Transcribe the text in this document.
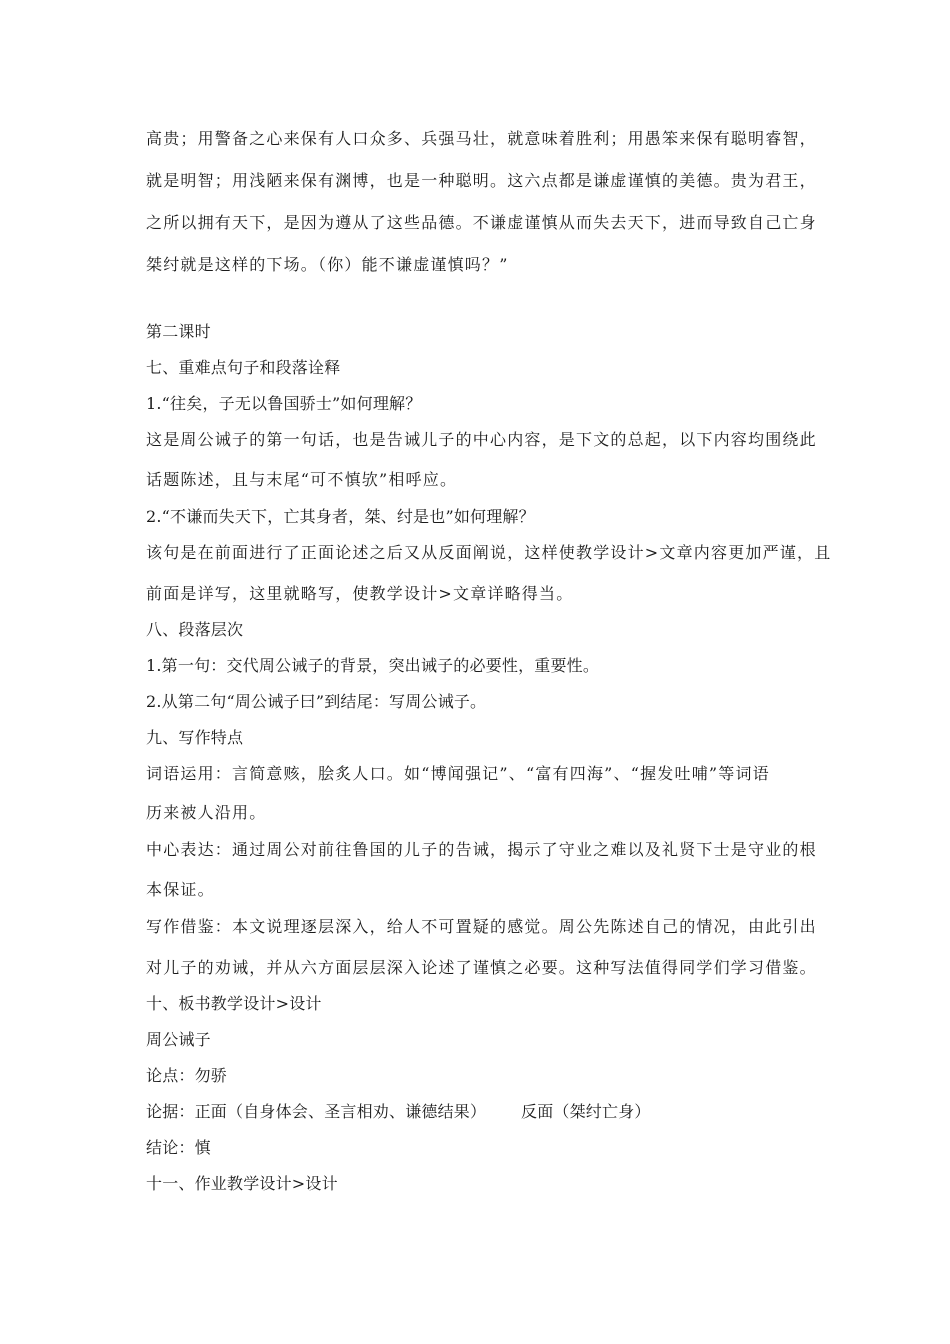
高贵；用警备之心来保有人口众多、兵强马壮，就意味着胜利；用愚笨来保有聪明睿智，
就是明智；用浅陋来保有渊博，也是一种聪明。这六点都是谦虚谨慎的美德。贵为君王，
之所以拥有天下，是因为遵从了这些品德。不谦虚谨慎从而失去天下，进而导致自己亡身
桀纣就是这样的下场。（你）能不谦虚谨慎吗？”
第二课时
七、重难点句子和段落诠释
1.“往矣，子无以鲁国骄士”如何理解？
这是周公诫子的第一句话，也是告诫儿子的中心内容，是下文的总起，以下内容均围绕此
话题陈述，且与末尾“可不慎欤”相呼应。
2.“不谦而失天下，亡其身者，桀、纣是也”如何理解？
该句是在前面进行了正面论述之后又从反面阐说，这样使教学设计>文章内容更加严谨，且
前面是详写，这里就略写，使教学设计>文章详略得当。
八、段落层次
1.第一句：交代周公诫子的背景，突出诫子的必要性，重要性。
2.从第二句“周公诫子曰”到结尾：写周公诫子。
九、写作特点
词语运用：言简意赅，脍炙人口。如“博闻强记”、“富有四海”、“握发吐哺”等词语
历来被人沿用。
中心表达：通过周公对前往鲁国的儿子的告诫，揭示了守业之难以及礼贤下士是守业的根
本保证。
写作借鉴：本文说理逐层深入，给人不可置疑的感觉。周公先陈述自己的情况，由此引出
对儿子的劝诫，并从六方面层层深入论述了谨慎之必要。这种写法值得同学们学习借鉴。
十、板书教学设计>设计
周公诫子
论点：勿骄
论据：正面（自身体会、圣言相劝、谦德结果） 反面（桀纣亡身）
结论：慎
十一、作业教学设计>设计
